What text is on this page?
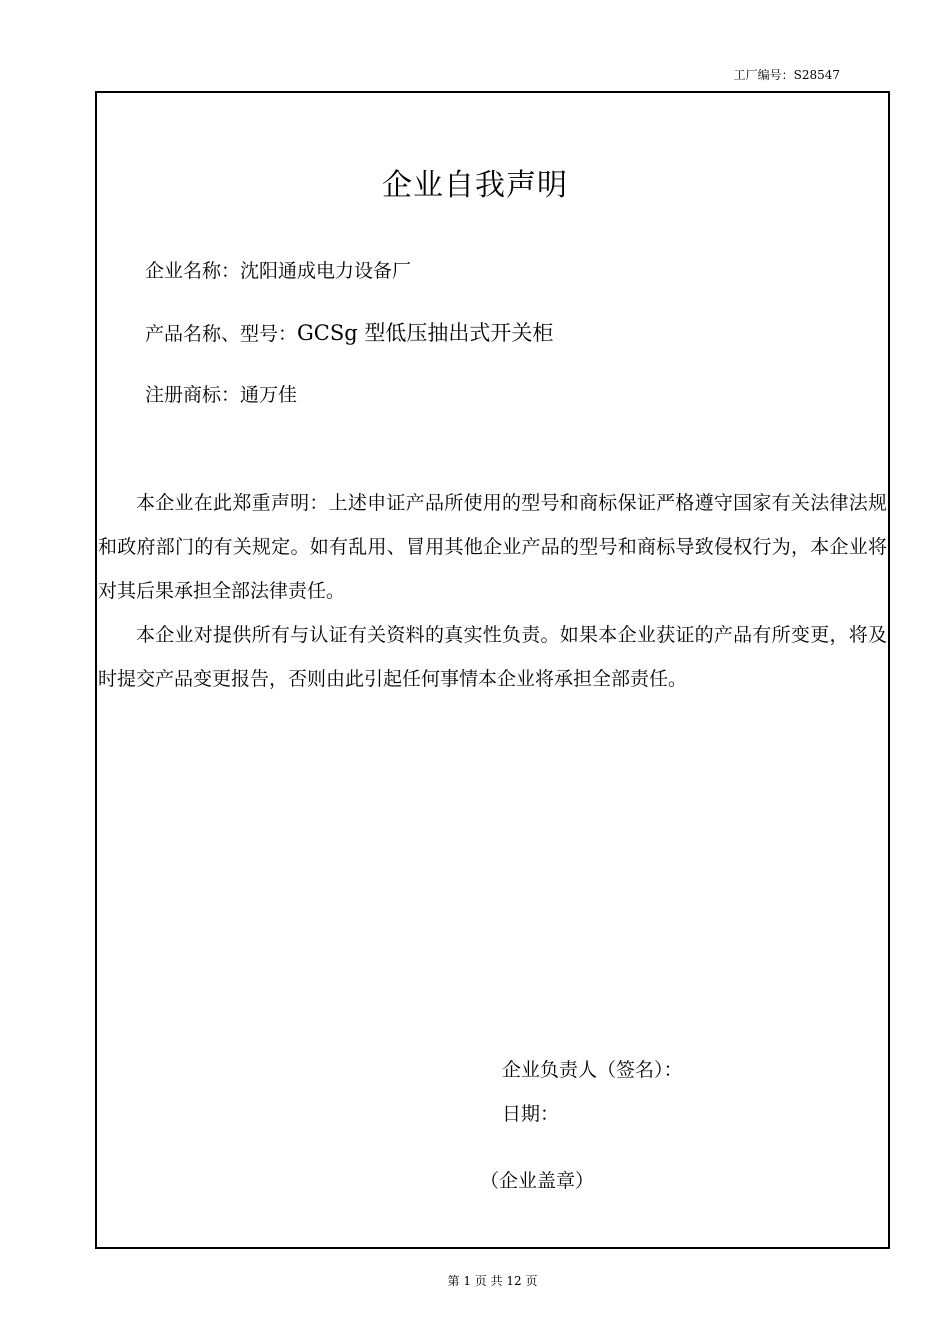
工厂编号：S28547
企业自我声明
企业名称：沈阳通成电力设备厂
产品名称、型号：GCSg 型低压抽出式开关柜
注册商标：通万佳

本企业在此郑重声明：上述申证产品所使用的型号和商标保证严格遵守国家有关法律法规和政府部门的有关规定。如有乱用、冒用其他企业产品的型号和商标导致侵权行为，本企业将对其后果承担全部法律责任。

本企业对提供所有与认证有关资料的真实性负责。如果本企业获证的产品有所变更，将及时提交产品变更报告，否则由此引起任何事情本企业将承担全部责任。

企业负责人（签名）：
日期：
（企业盖章）
第 1 页 共 12 页
